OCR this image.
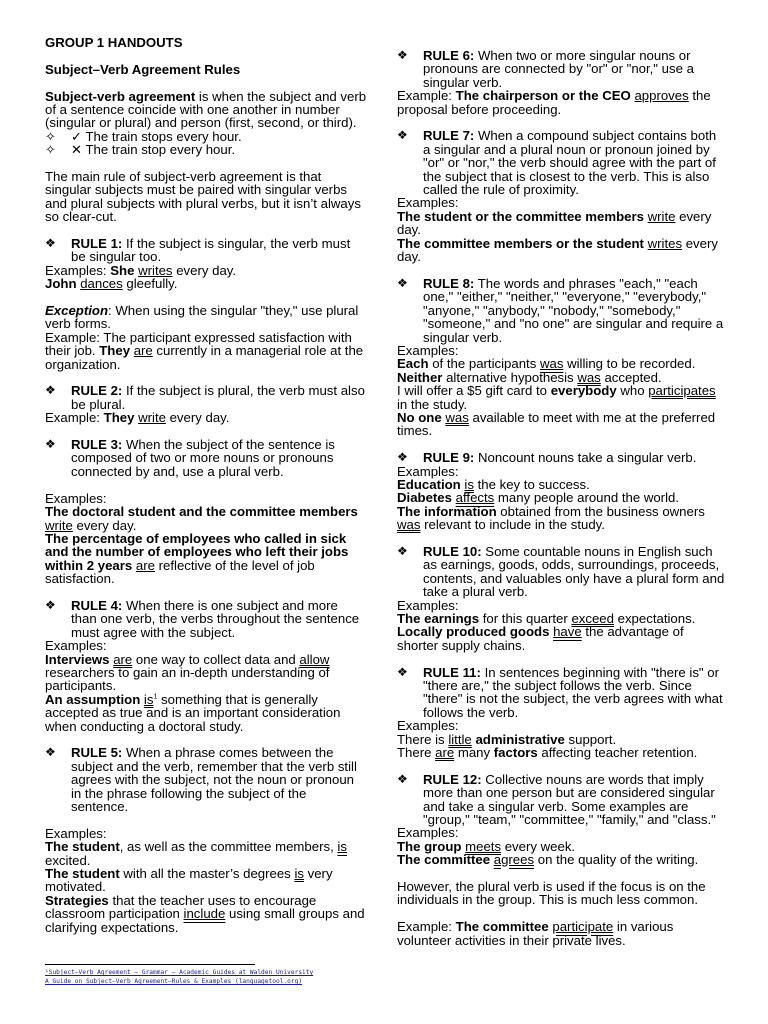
GROUP 1 HANDOUTS

Subject–Verb Agreement Rules

Subject-verb agreement is when the subject and verb of a sentence coincide with one another in number (singular or plural) and person (first, second, or third).

✧	✓ The train stops every hour.
✧	✕ The train stop every hour.

The main rule of subject-verb agreement is that singular subjects must be paired with singular verbs and plural subjects with plural verbs, but it isn’t always so clear-cut.

❖	RULE 1: If the subject is singular, the verb must be singular too.

Examples: She writes every day.

John dances gleefully.

Exception: When using the singular "they," use plural verb forms.

Example: The participant expressed satisfaction with their job. They are currently in a managerial role at the organization.

❖	RULE 2: If the subject is plural, the verb must also be plural.

Example: They write every day.

❖	RULE 3: When the subject of the sentence is composed of two or more nouns or pronouns connected by and, use a plural verb.

Examples:

The doctoral student and the committee members write every day.

The percentage of employees who called in sick and the number of employees who left their jobs within 2 years are reflective of the level of job satisfaction.

❖	RULE 4: When there is one subject and more than one verb, the verbs throughout the sentence must agree with the subject.

Examples:

Interviews are one way to collect data and allow researchers to gain an in-depth understanding of participants.

An assumption $is^1$ something that is generally accepted as true and is an important consideration when conducting a doctoral study.

❖	RULE 5: When a phrase comes between the subject and the verb, remember that the verb still agrees with the subject, not the noun or pronoun in the phrase following the subject of the sentence.

Examples:

The student, as well as the committee members, is excited.

The student with all the master’s degrees is very motivated.

Strategies that the teacher uses to encourage classroom participation include using small groups and clarifying expectations.

¹Subject–Verb Agreement – Grammar – Academic Guides at Walden University
A Guide on Subject–Verb Agreement—Rules & Examples (languagetool.org)
❖	RULE 6: When two or more singular nouns or pronouns are connected by "or" or "nor," use a singular verb.

Example: The chairperson or the CEO approves the proposal before proceeding.

❖	RULE 7: When a compound subject contains both a singular and a plural noun or pronoun joined by "or" or "nor," the verb should agree with the part of the subject that is closest to the verb. This is also called the rule of proximity.

Examples:

The student or the committee members write every day.

The committee members or the student writes every day.

❖	RULE 8: The words and phrases "each," "each one," "either," "neither," "everyone," "everybody," "anyone," "anybody," "nobody," "somebody," "someone," and "no one" are singular and require a singular verb.

Examples:

Each of the participants was willing to be recorded.

Neither alternative hypothesis was accepted.

I will offer a $5 gift card to everybody who participates in the study.

No one was available to meet with me at the preferred times.

❖	RULE 9: Noncount nouns take a singular verb.

Examples:

Education is the key to success.

Diabetes affects many people around the world.

The information obtained from the business owners was relevant to include in the study.

❖	RULE 10: Some countable nouns in English such as earnings, goods, odds, surroundings, proceeds, contents, and valuables only have a plural form and take a plural verb.

Examples:

The earnings for this quarter exceed expectations.

Locally produced goods have the advantage of shorter supply chains.

❖	RULE 11: In sentences beginning with "there is" or "there are," the subject follows the verb. Since "there" is not the subject, the verb agrees with what follows the verb.

Examples:

There is little administrative support.

There are many factors affecting teacher retention.

❖	RULE 12: Collective nouns are words that imply more than one person but are considered singular and take a singular verb. Some examples are "group," "team," "committee," "family," and "class."

Examples:

The group meets every week.

The committee agrees on the quality of the writing.

However, the plural verb is used if the focus is on the individuals in the group. This is much less common.

Example: The committee participate in various volunteer activities in their private lives.
